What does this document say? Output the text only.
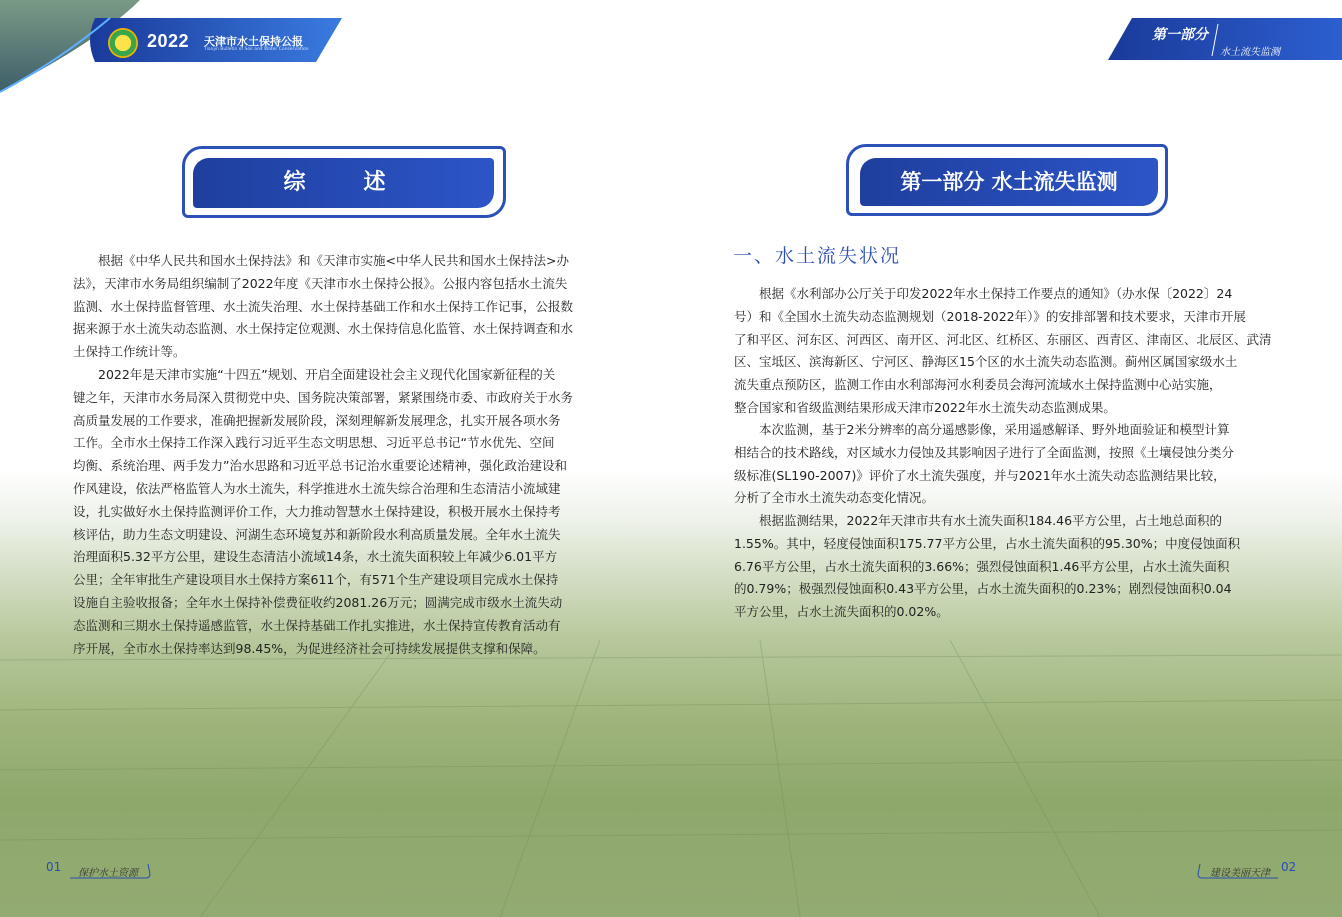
2022 天津市水土保持公报
Tianjin Bulletin of Soil and Water Conservation
第一部分
水土流失监测
综　述	第一部分 水土流失监测
根据《中华人民共和国水土保持法》和《天津市实施<中华人民共和国水土保持法>办
法》，天津市水务局组织编制了2022年度《天津市水土保持公报》。公报内容包括水土流失
监测、水土保持监督管理、水土流失治理、水土保持基础工作和水土保持工作记事，公报数
据来源于水土流失动态监测、水土保持定位观测、水土保持信息化监管、水土保持调查和水
土保持工作统计等。
2022年是天津市实施“十四五”规划、开启全面建设社会主义现代化国家新征程的关
键之年，天津市水务局深入贯彻党中央、国务院决策部署，紧紧围绕市委、市政府关于水务
高质量发展的工作要求，准确把握新发展阶段，深刻理解新发展理念，扎实开展各项水务
工作。全市水土保持工作深入践行习近平生态文明思想、习近平总书记“节水优先、空间
均衡、系统治理、两手发力”治水思路和习近平总书记治水重要论述精神，强化政治建设和
作风建设，依法严格监管人为水土流失，科学推进水土流失综合治理和生态清洁小流域建
设，扎实做好水土保持监测评价工作，大力推动智慧水土保持建设，积极开展水土保持考
核评估，助力生态文明建设、河湖生态环境复苏和新阶段水利高质量发展。全年水土流失
治理面积5.32平方公里，建设生态清洁小流域14条，水土流失面积较上年减少6.01平方
公里；全年审批生产建设项目水土保持方案611个，有571个生产建设项目完成水土保持
设施自主验收报备；全年水土保持补偿费征收约2081.26万元；圆满完成市级水土流失动
态监测和三期水土保持遥感监管，水土保持基础工作扎实推进，水土保持宣传教育活动有
序开展，全市水土保持率达到98.45%，为促进经济社会可持续发展提供支撑和保障。
一、水土流失状况
根据《水利部办公厅关于印发2022年水土保持工作要点的通知》（办水保〔2022〕24
号）和《全国水土流失动态监测规划（2018-2022年）》的安排部署和技术要求，天津市开展
了和平区、河东区、河西区、南开区、河北区、红桥区、东丽区、西青区、津南区、北辰区、武清
区、宝坻区、滨海新区、宁河区、静海区15个区的水土流失动态监测。蓟州区属国家级水土
流失重点预防区，监测工作由水利部海河水利委员会海河流域水土保持监测中心站实施，
整合国家和省级监测结果形成天津市2022年水土流失动态监测成果。
本次监测，基于2米分辨率的高分遥感影像，采用遥感解译、野外地面验证和模型计算
相结合的技术路线，对区域水力侵蚀及其影响因子进行了全面监测，按照《土壤侵蚀分类分
级标准(SL190-2007)》评价了水土流失强度，并与2021年水土流失动态监测结果比较，
分析了全市水土流失动态变化情况。
根据监测结果，2022年天津市共有水土流失面积184.46平方公里，占土地总面积的
1.55%。其中，轻度侵蚀面积175.77平方公里，占水土流失面积的95.30%；中度侵蚀面积
6.76平方公里，占水土流失面积的3.66%；强烈侵蚀面积1.46平方公里，占水土流失面积
的0.79%；极强烈侵蚀面积0.43平方公里，占水土流失面积的0.23%；剧烈侵蚀面积0.04
平方公里，占水土流失面积的0.02%。
01 保护水土资源	建设美丽天津 02
